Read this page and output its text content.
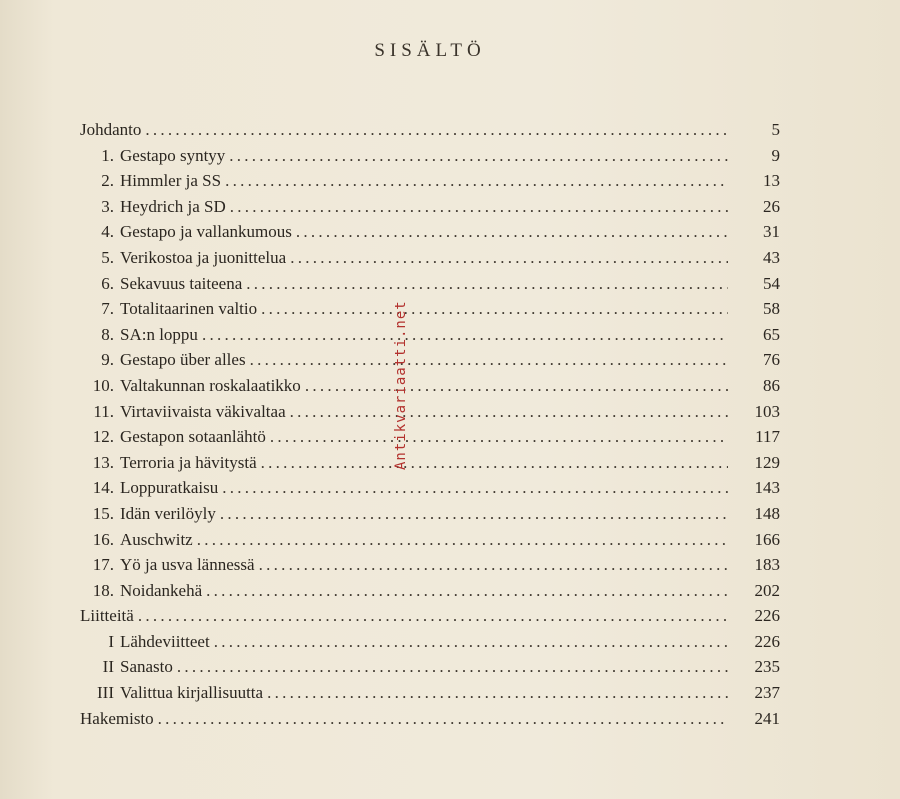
SISÄLTÖ
Johdanto . . .	5
1. Gestapo syntyy . . .	9
2. Himmler ja SS . . .	13
3. Heydrich ja SD . . .	26
4. Gestapo ja vallankumous . . .	31
5. Verikostoa ja juonittelua . . .	43
6. Sekavuus taiteena . . .	54
7. Totalitaarinen valtio . . .	58
8. SA:n loppu . . .	65
9. Gestapo über alles . . .	76
10. Valtakunnan roskalaatikko . . .	86
11. Virtaviivaista väkivaltaa . . .	103
12. Gestapon sotaanlähtö . . .	117
13. Terroria ja hävitystä . . .	129
14. Loppuratkaisu . . .	143
15. Idän verilöyly . . .	148
16. Auschwitz . . .	166
17. Yö ja usva lännessä . . .	183
18. Noidankehä . . .	202
Liitteitä . . .	226
I Lähdeviitteet . . .	226
II Sanasto . . .	235
III Valittua kirjallisuutta . . .	237
Hakemisto . . .	241
Antikvariaatti.net
